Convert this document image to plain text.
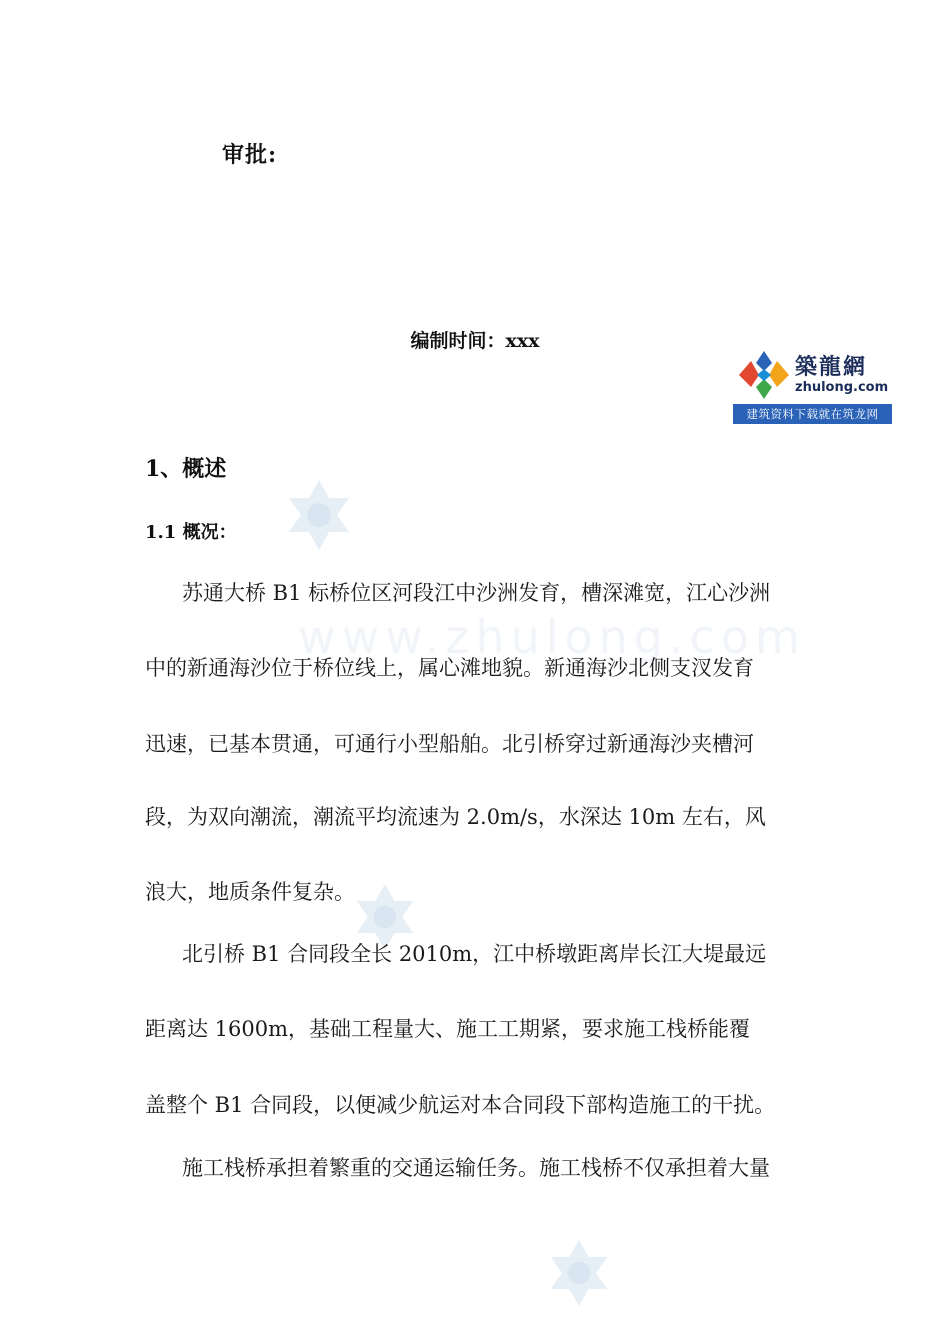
www.zhulong.com
审批:
编制时间：xxx
築龍網
zhulong.com
建筑资料下载就在筑龙网
1、概述
1.1 概况：
苏通大桥 B1 标桥位区河段江中沙洲发育，槽深滩宽，江心沙洲
中的新通海沙位于桥位线上，属心滩地貌。新通海沙北侧支汊发育
迅速，已基本贯通，可通行小型船舶。北引桥穿过新通海沙夹槽河
段，为双向潮流，潮流平均流速为 2.0m/s，水深达 10m 左右，风
浪大，地质条件复杂。
北引桥 B1 合同段全长 2010m，江中桥墩距离岸长江大堤最远
距离达 1600m，基础工程量大、施工工期紧，要求施工栈桥能覆
盖整个 B1 合同段，以便减少航运对本合同段下部构造施工的干扰。
施工栈桥承担着繁重的交通运输任务。施工栈桥不仅承担着大量
